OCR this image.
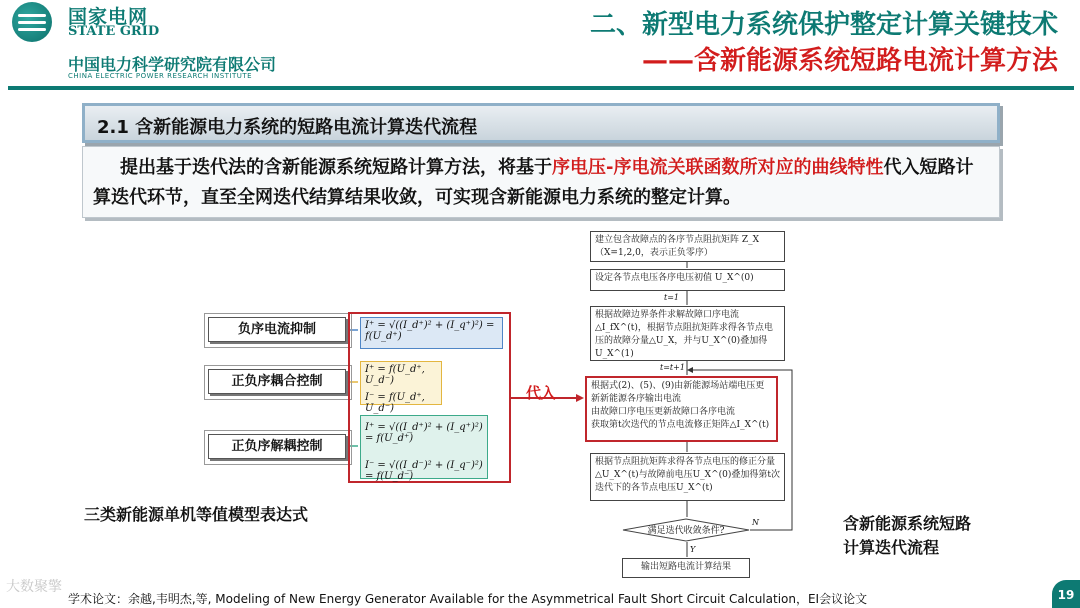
国家电网
STATE GRID
中国电力科学研究院有限公司
CHINA ELECTRIC POWER RESEARCH INSTITUTE
二、新型电力系统保护整定计算关键技术
——含新能源系统短路电流计算方法
2.1 含新能源电力系统的短路电流计算迭代流程

  提出基于迭代法的含新能源系统短路计算方法，将基于序电压-序电流关联函数所对应的曲线特性代入短路计算迭代环节，直至全网迭代结算结果收敛，可实现含新能源电力系统的整定计算。

负序电流抑制
正负序耦合控制
正负序解耦控制
I⁺ = √((I_d⁺)² + (I_q⁺)²) = f(U_d⁺)
I⁺ = f(U_d⁺, U_d⁻)
I⁻ = f(U_d⁺, U_d⁻)
I⁺ = √((I_d⁺)² + (I_q⁺)²) = f(U_d⁺)
I⁻ = √((I_d⁻)² + (I_q⁻)²) = f(U_d⁻)
代入
三类新能源单机等值模型表达式
建立包含故障点的各序节点阻抗矩阵 Z_X（X=1,2,0，表示正负零序）
设定各节点电压各序电压初值 U_X^(0)
t=1
根据故障边界条件求解故障口序电流△I_fX^(t)，根据节点阻抗矩阵求得各节点电压的故障分量△U_X，并与U_X^(0)叠加得U_X^(1)
t=t+1
根据式(2)、(5)、(9)由新能源场站端电压更新新能源各序输出电流
由故障口序电压更新故障口各序电流
获取第t次迭代的节点电流修正矩阵△I_X^(t)
根据节点阻抗矩阵求得各节点电压的修正分量△U_X^(t)与故障前电压U_X^(0)叠加得第t次迭代下的各节点电压U_X^(t)
满足迭代收敛条件?
N
Y
输出短路电流计算结果
含新能源系统短路
计算迭代流程
大数聚擎
学术论文：余越,韦明杰,等, Modeling of New Energy Generator Available for the Asymmetrical Fault Short Circuit Calculation，EI会议论文	19
